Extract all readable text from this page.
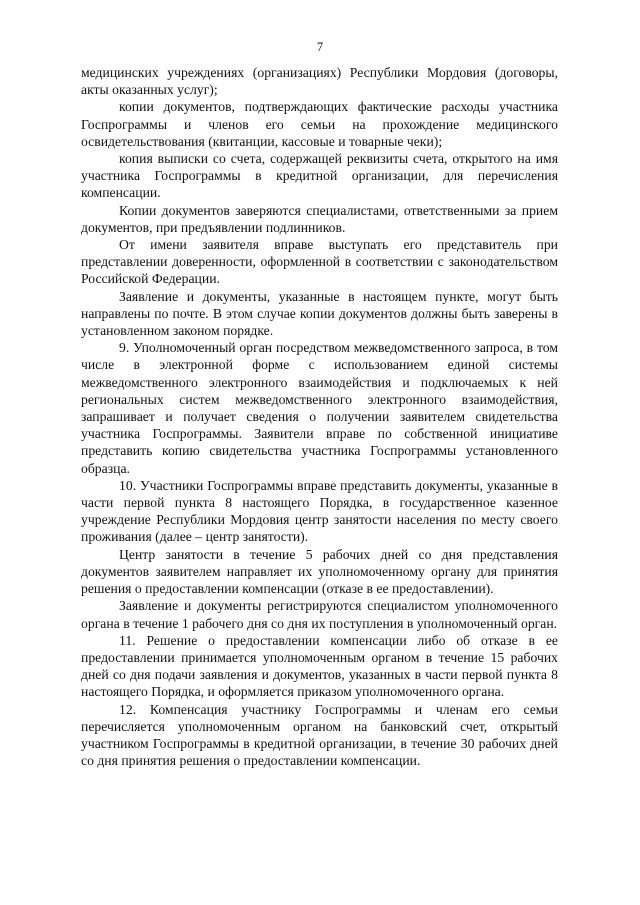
7

медицинских учреждениях (организациях) Республики Мордовия (договоры, акты оказанных услуг);

копии документов, подтверждающих фактические расходы участника Госпрограммы и членов его семьи на прохождение медицинского освидетельствования (квитанции, кассовые и товарные чеки);

копия выписки со счета, содержащей реквизиты счета, открытого на имя участника Госпрограммы в кредитной организации, для перечисления компенсации.

Копии документов заверяются специалистами, ответственными за прием документов, при предъявлении подлинников.

От имени заявителя вправе выступать его представитель при представлении доверенности, оформленной в соответствии с законодательством Российской Федерации.

Заявление и документы, указанные в настоящем пункте, могут быть направлены по почте. В этом случае копии документов должны быть заверены в установленном законом порядке.

9. Уполномоченный орган посредством межведомственного запроса, в том числе в электронной форме с использованием единой системы межведомственного электронного взаимодействия и подключаемых к ней региональных систем межведомственного электронного взаимодействия, запрашивает и получает сведения о получении заявителем свидетельства участника Госпрограммы. Заявители вправе по собственной инициативе представить копию свидетельства участника Госпрограммы установленного образца.

10. Участники Госпрограммы вправе представить документы, указанные в части первой пункта 8 настоящего Порядка, в государственное казенное учреждение Республики Мордовия центр занятости населения по месту своего проживания (далее – центр занятости).

Центр занятости в течение 5 рабочих дней со дня представления документов заявителем направляет их уполномоченному органу для принятия решения о предоставлении компенсации (отказе в ее предоставлении).

Заявление и документы регистрируются специалистом уполномоченного органа в течение 1 рабочего дня со дня их поступления в уполномоченный орган.

11. Решение о предоставлении компенсации либо об отказе в ее предоставлении принимается уполномоченным органом в течение 15 рабочих дней со дня подачи заявления и документов, указанных в части первой пункта 8 настоящего Порядка, и оформляется приказом уполномоченного органа.

12. Компенсация участнику Госпрограммы и членам его семьи перечисляется уполномоченным органом на банковский счет, открытый участником Госпрограммы в кредитной организации, в течение 30 рабочих дней со дня принятия решения о предоставлении компенсации.
